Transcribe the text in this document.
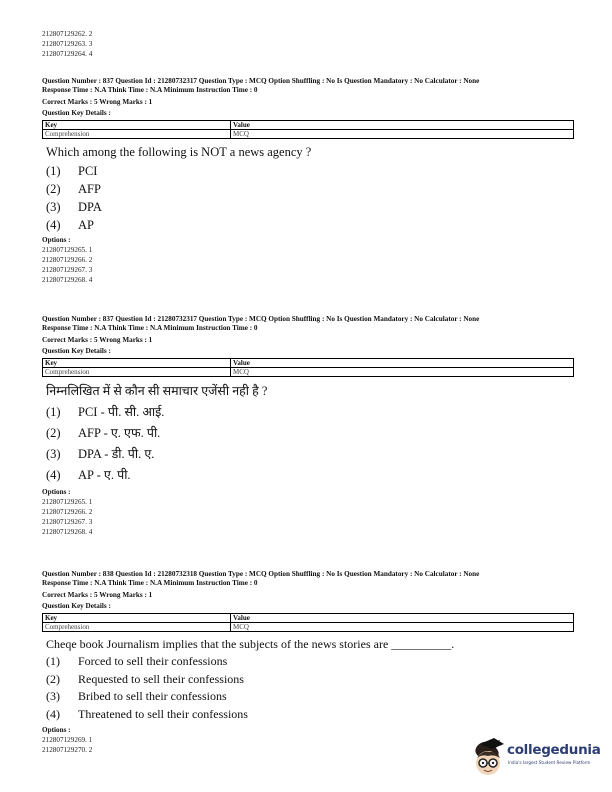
212807129262. 2
212807129263. 3
212807129264. 4
Question Number : 837 Question Id : 21280732317 Question Type : MCQ Option Shuffling : No Is Question Mandatory : No Calculator : None
Response Time : N.A Think Time : N.A Minimum Instruction Time : 0
Correct Marks : 5 Wrong Marks : 1
Question Key Details :
Key	Value
Comprehension	MCQ
Which among the following is NOT a news agency ?
(1)	PCI
(2)	AFP
(3)	DPA
(4)	AP
Options :
212807129265. 1
212807129266. 2
212807129267. 3
212807129268. 4
Question Number : 837 Question Id : 21280732317 Question Type : MCQ Option Shuffling : No Is Question Mandatory : No Calculator : None
Response Time : N.A Think Time : N.A Minimum Instruction Time : 0
Correct Marks : 5 Wrong Marks : 1
Question Key Details :
Key	Value
Comprehension	MCQ
निम्नलिखित में से कौन सी समाचार एजेंसी नही है ?
(1)	PCI - पी. सी. आई.
(2)	AFP - ए. एफ. पी.
(3)	DPA - डी. पी. ए.
(4)	AP - ए. पी.
Options :
212807129265. 1
212807129266. 2
212807129267. 3
212807129268. 4
Question Number : 838 Question Id : 21280732318 Question Type : MCQ Option Shuffling : No Is Question Mandatory : No Calculator : None
Response Time : N.A Think Time : N.A Minimum Instruction Time : 0
Correct Marks : 5 Wrong Marks : 1
Question Key Details :
Key	Value
Comprehension	MCQ
Cheqe book Journalism implies that the subjects of the news stories are __________.
(1)	Forced to sell their confessions
(2)	Requested to sell their confessions
(3)	Bribed to sell their confessions
(4)	Threatened to sell their confessions
Options :
212807129269. 1
212807129270. 2	collegedunia
India's largest Student Review Platform
